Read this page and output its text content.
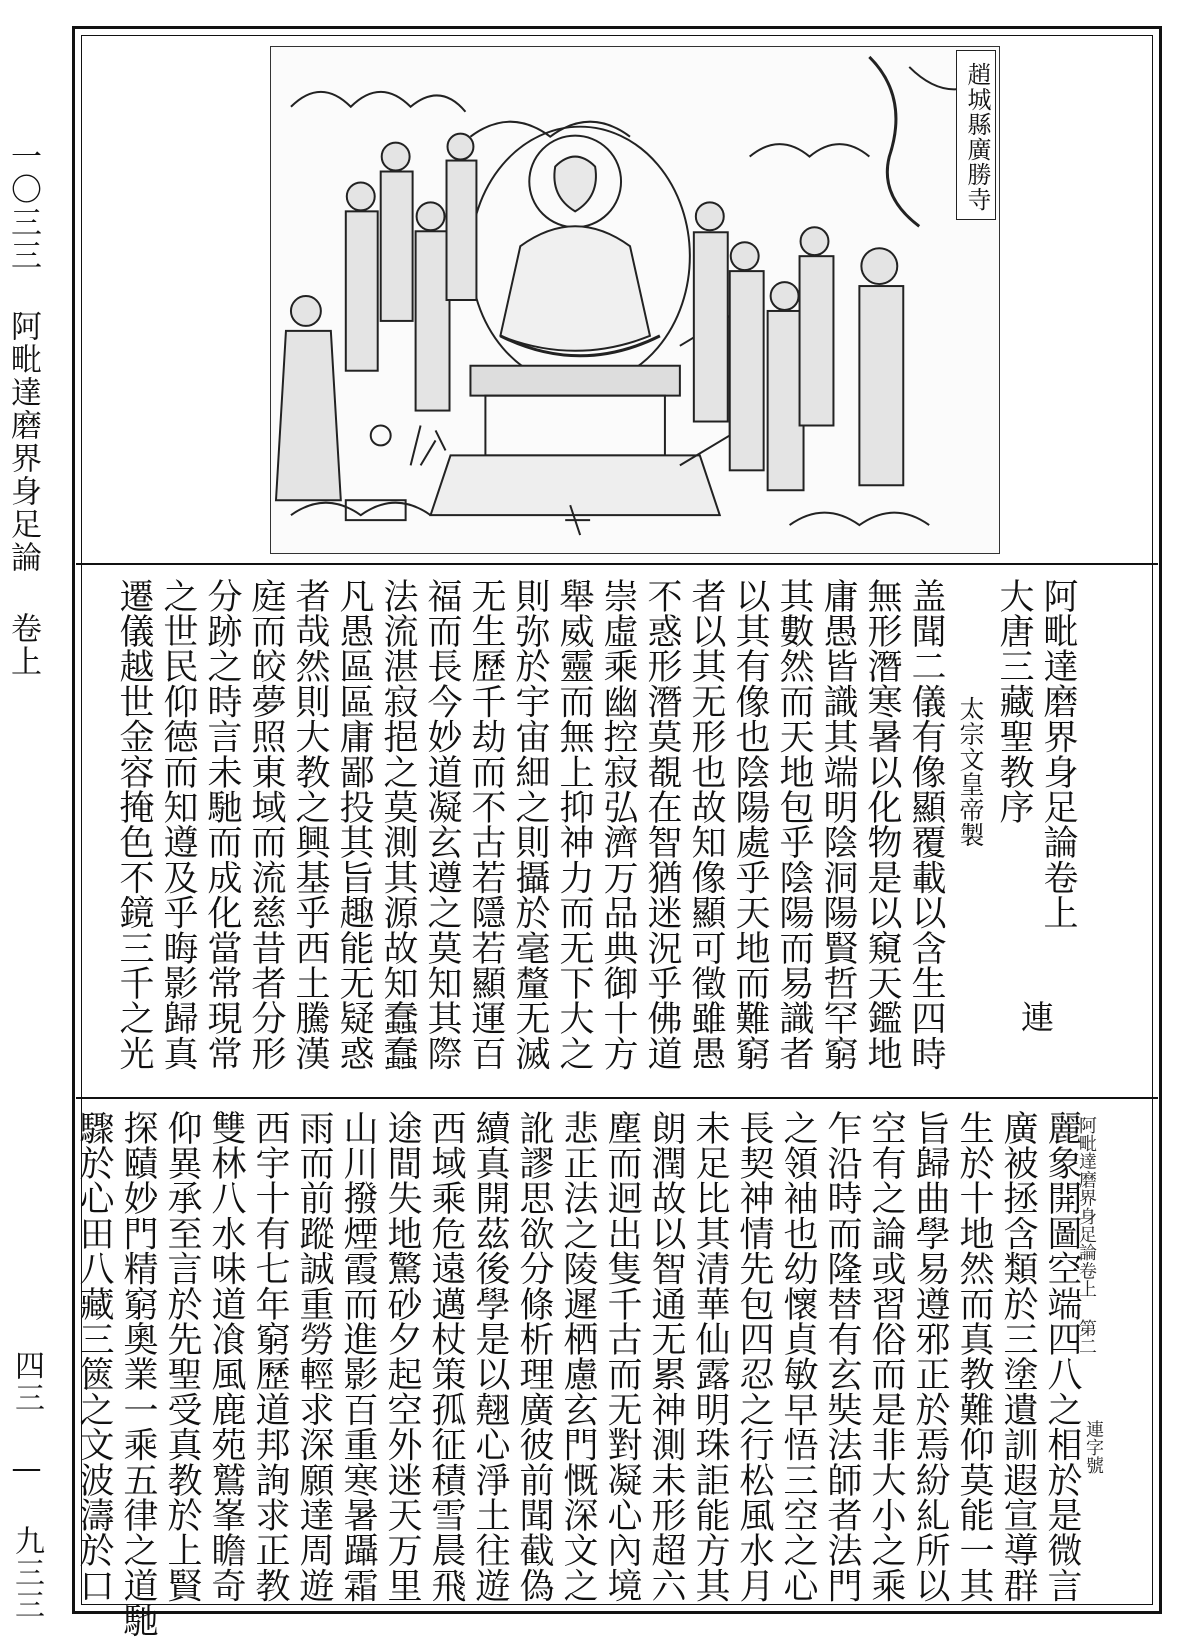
一〇三三 阿毗達磨界身足論 卷上
四三 — 九三三
趙城縣廣勝寺
阿毗達磨界身足論卷上
大唐三藏聖教序
太宗文皇帝製
盖聞二儀有像顯覆載以含生四時
無形潛寒暑以化物是以窺天鑑地
庸愚皆識其端明陰洞陽賢哲罕窮
其數然而天地包乎陰陽而易識者
以其有像也陰陽處乎天地而難窮
者以其无形也故知像顯可徵雖愚
不惑形潛莫覩在智猶迷況乎佛道
崇虛乘幽控寂弘濟万品典御十方
舉威靈而無上抑神力而无下大之
則弥於宇宙細之則攝於毫釐无滅
无生歷千劫而不古若隱若顯運百
福而長今妙道凝玄遵之莫知其際
法流湛寂挹之莫測其源故知蠢蠢
凡愚區區庸鄙投其旨趣能无疑惑
者哉然則大教之興基乎西土騰漢
庭而皎夢照東域而流慈昔者分形
分跡之時言未馳而成化當常現常
之世民仰德而知遵及乎晦影歸真
遷儀越世金容掩色不鏡三千之光	連
阿毗達磨界身足論卷上 第二
麗象開圖空端四八之相於是微言
廣被拯含類於三塗遺訓遐宣導群
生於十地然而真教難仰莫能一其
旨歸曲學易遵邪正於焉紛糺所以
空有之論或習俗而是非大小之乘
乍沿時而隆替有玄奘法師者法門
之領袖也幼懷貞敏早悟三空之心
長契神情先包四忍之行松風水月
未足比其清華仙露明珠詎能方其
朗潤故以智通无累神測未形超六
塵而迥出隻千古而无對凝心內境
悲正法之陵遲栖慮玄門慨深文之
訛謬思欲分條析理廣彼前聞截偽
續真開茲後學是以翹心淨土往遊
西域乘危遠邁杖策孤征積雪晨飛
途間失地驚砂夕起空外迷天万里
山川撥煙霞而進影百重寒暑躡霜
雨而前蹤誠重勞輕求深願達周遊
西宇十有七年窮歷道邦詢求正教
雙林八水味道飡風鹿苑鷲峯瞻奇
仰異承至言於先聖受真教於上賢
探賾妙門精窮奧業一乘五律之道馳
驟於心田八藏三篋之文波濤於口	連字號
